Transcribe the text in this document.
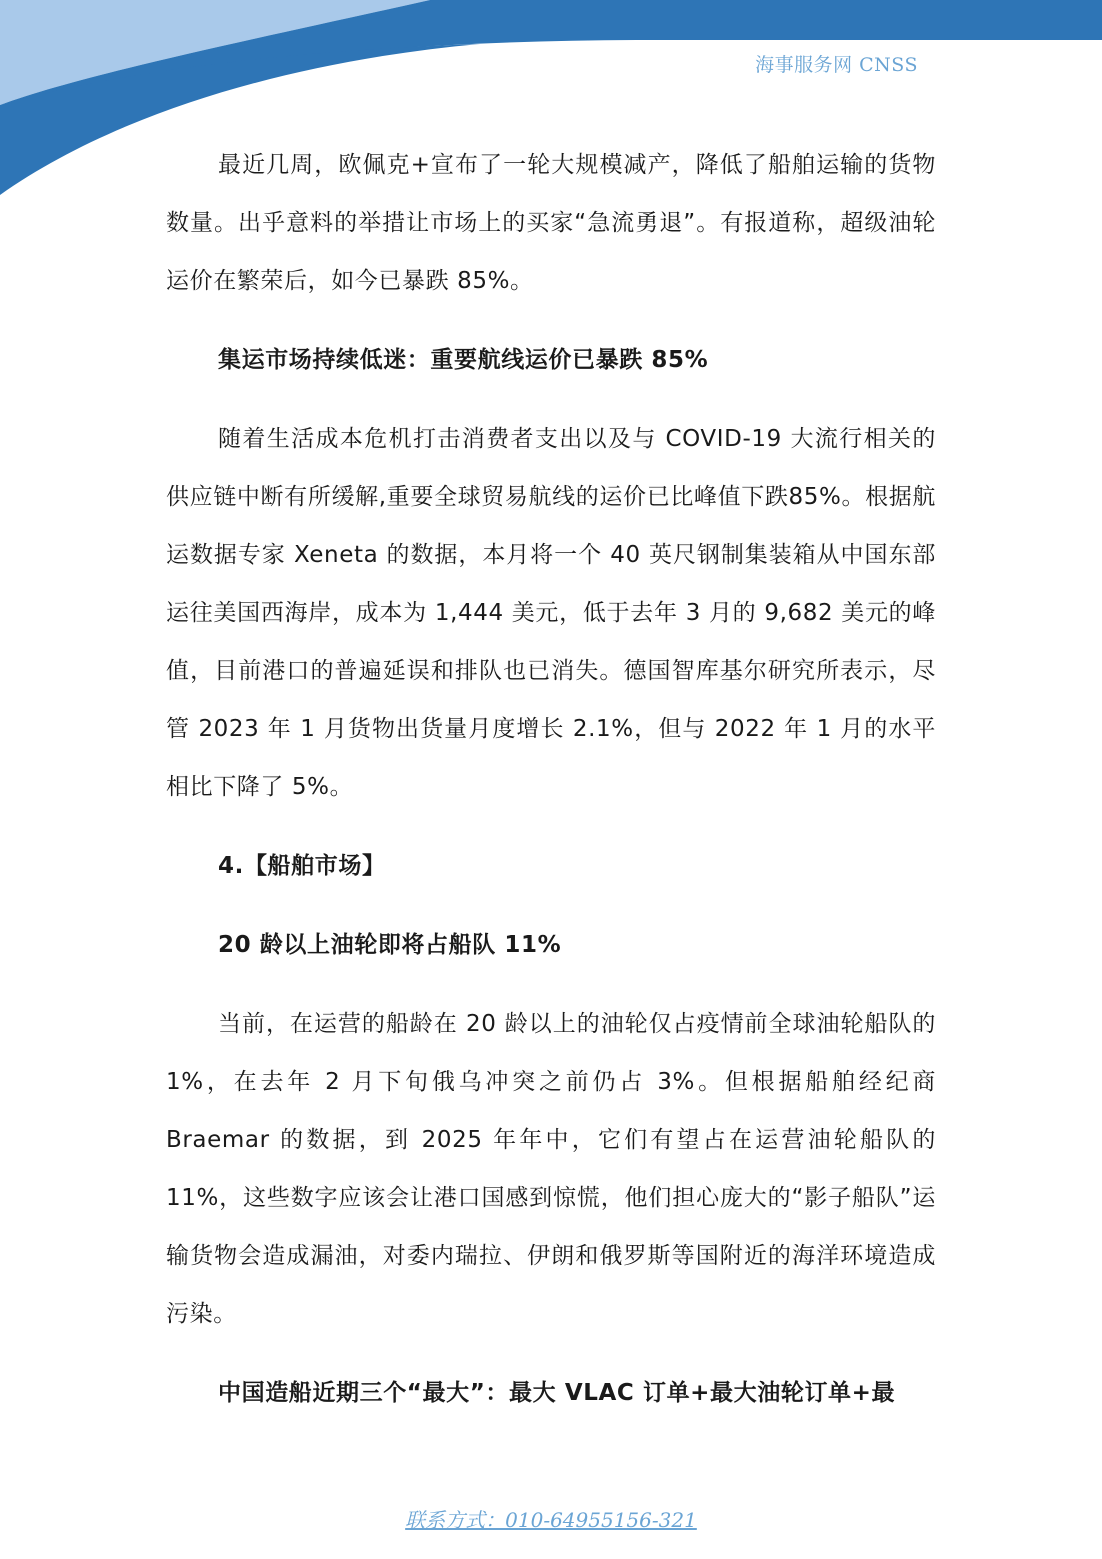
海事服务网 CNSS

最近几周，欧佩克+宣布了一轮大规模减产，降低了船舶运输的货物数量。出乎意料的举措让市场上的买家“急流勇退”。有报道称，超级油轮运价在繁荣后，如今已暴跌 85%。

集运市场持续低迷：重要航线运价已暴跌 85%

随着生活成本危机打击消费者支出以及与 COVID-19 大流行相关的供应链中断有所缓解,重要全球贸易航线的运价已比峰值下跌85%。根据航运数据专家 Xeneta 的数据，本月将一个 40 英尺钢制集装箱从中国东部运往美国西海岸，成本为 1,444 美元，低于去年 3 月的 9,682 美元的峰值，目前港口的普遍延误和排队也已消失。德国智库基尔研究所表示，尽管 2023 年 1 月货物出货量月度增长 2.1%，但与 2022 年 1 月的水平相比下降了 5%。

4.【船舶市场】

20 龄以上油轮即将占船队 11%

当前，在运营的船龄在 20 龄以上的油轮仅占疫情前全球油轮船队的 1%，在去年 2 月下旬俄乌冲突之前仍占 3%。但根据船舶经纪商 Braemar 的数据，到 2025 年年中，它们有望占在运营油轮船队的 11%，这些数字应该会让港口国感到惊慌，他们担心庞大的“影子船队”运输货物会造成漏油，对委内瑞拉、伊朗和俄罗斯等国附近的海洋环境造成污染。

中国造船近期三个“最大”：最大 VLAC 订单+最大油轮订单+最

联系方式：010-64955156-321
